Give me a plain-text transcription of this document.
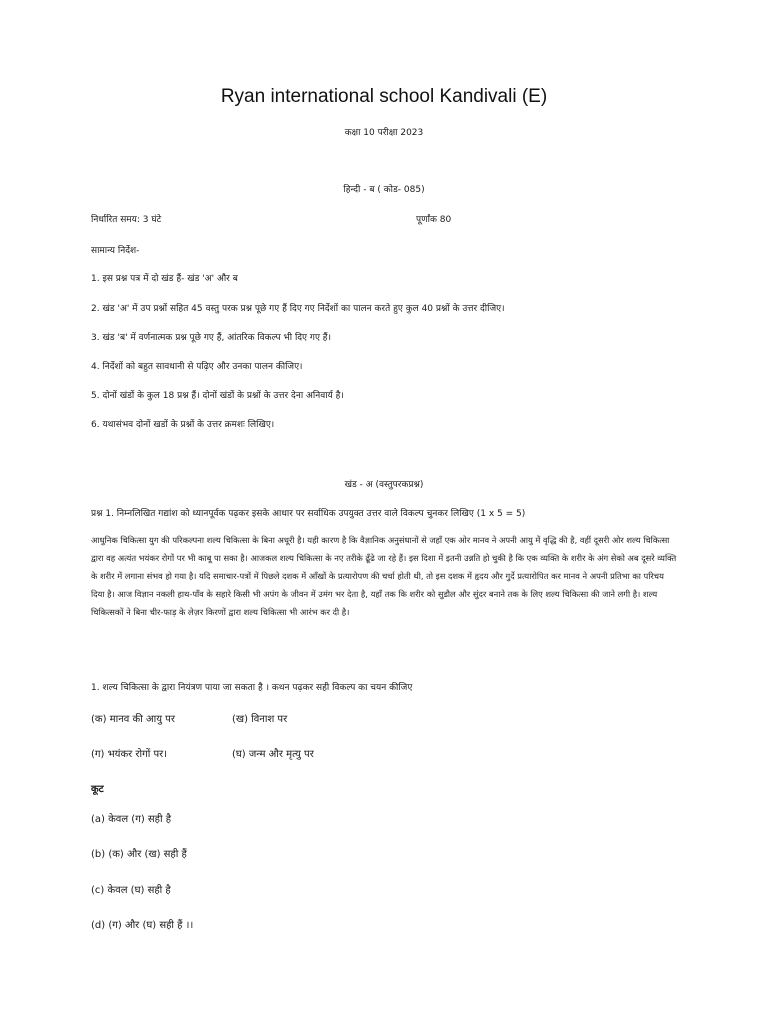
Ryan international school Kandivali (E)
कक्षा 10 परीक्षा 2023
हिन्दी - ब ( कोड- 085)
निर्धारित समय: 3 घंटे	पूर्णांक 80
सामान्य निर्देश-
1. इस प्रश्न पत्र में दो खंड हैं- खंड 'अ' और ब
2. खंड 'अ' में उप प्रश्नों सहित 45 वस्तु परक प्रश्न पूछे गए हैं दिए गए निर्देशों का पालन करते हुए कुल 40 प्रश्नों के उत्तर दीजिए।
3. खंड 'ब' में वर्णनात्मक प्रश्न पूछे गए हैं, आंतरिक विकल्प भी दिए गए हैं।
4. निर्देशों को बहुत सावधानी से पढ़िए और उनका पालन कीजिए।
5. दोनों खंडों के कुल 18 प्रश्न हैं। दोनों खंडों के प्रश्नों के उत्तर देना अनिवार्य है।
6. यथासंभव दोनों खडों के प्रश्नों के उत्तर क्रमशः लिखिए।
खंड - अ (वस्तुपरकप्रश्न)
प्रश्न 1. निम्नलिखित गद्यांश को ध्यानपूर्वक पढ़कर इसके आधार पर सर्वाधिक उपयुक्त उत्तर वाले विकल्प चुनकर लिखिए (1 x 5 = 5)
आधुनिक चिकित्सा युग की परिकल्पना शल्य चिकित्सा के बिना अधूरी है। यही कारण है कि वैज्ञानिक अनुसंधानों से जहाँ एक ओर मानव ने अपनी आयु में वृद्धि की है, वहीं दूसरी ओर शल्य चिकित्सा द्वारा वह अत्यंत भयंकर रोगों पर भी काबू पा सका है। आजकल शल्य चिकित्सा के नए तरीके ढूँढे जा रहे हैं। इस दिशा में इतनी उन्नति हो चुकी है कि एक व्यक्ति के शरीर के अंग सेको अब दूसरे व्यक्ति के शरीर में लगाना संभव हो गया है। यदि समाचार-पत्रों में पिछले दशक में आँखों के प्रत्यारोपण की चर्चा होती थी, तो इस दशक में हृदय और गुर्दे प्रत्यारोपित कर मानव ने अपनी प्रतिभा का परिचय दिया है। आज विज्ञान नकली हाथ-पाँव के सहारे किसी भी अपंग के जीवन में उमंग भर देता है, यहाँ तक कि शरीर को सुडौल और सुंदर बनाने तक के लिए शल्य चिकित्सा की जाने लगी है। शल्य चिकित्सकों ने बिना चीर-फाड़ के लेज़र किरणों द्वारा शल्य चिकित्सा भी आरंभ कर दी है।
1. शल्य चिकित्सा के द्वारा नियंत्रण पाया जा सकता है । कथन पढ़कर सही विकल्प का चयन कीजिए
(क) मानव की आयु पर	(ख) विनाश पर
(ग) भयंकर रोगों पर।	(घ) जन्म और मृत्यु पर
कूट
(a) केवल (ग) सही है
(b) (क) और (ख) सही हैं
(c) केवल (घ) सही है
(d) (ग) और (घ) सही हैं ।।
